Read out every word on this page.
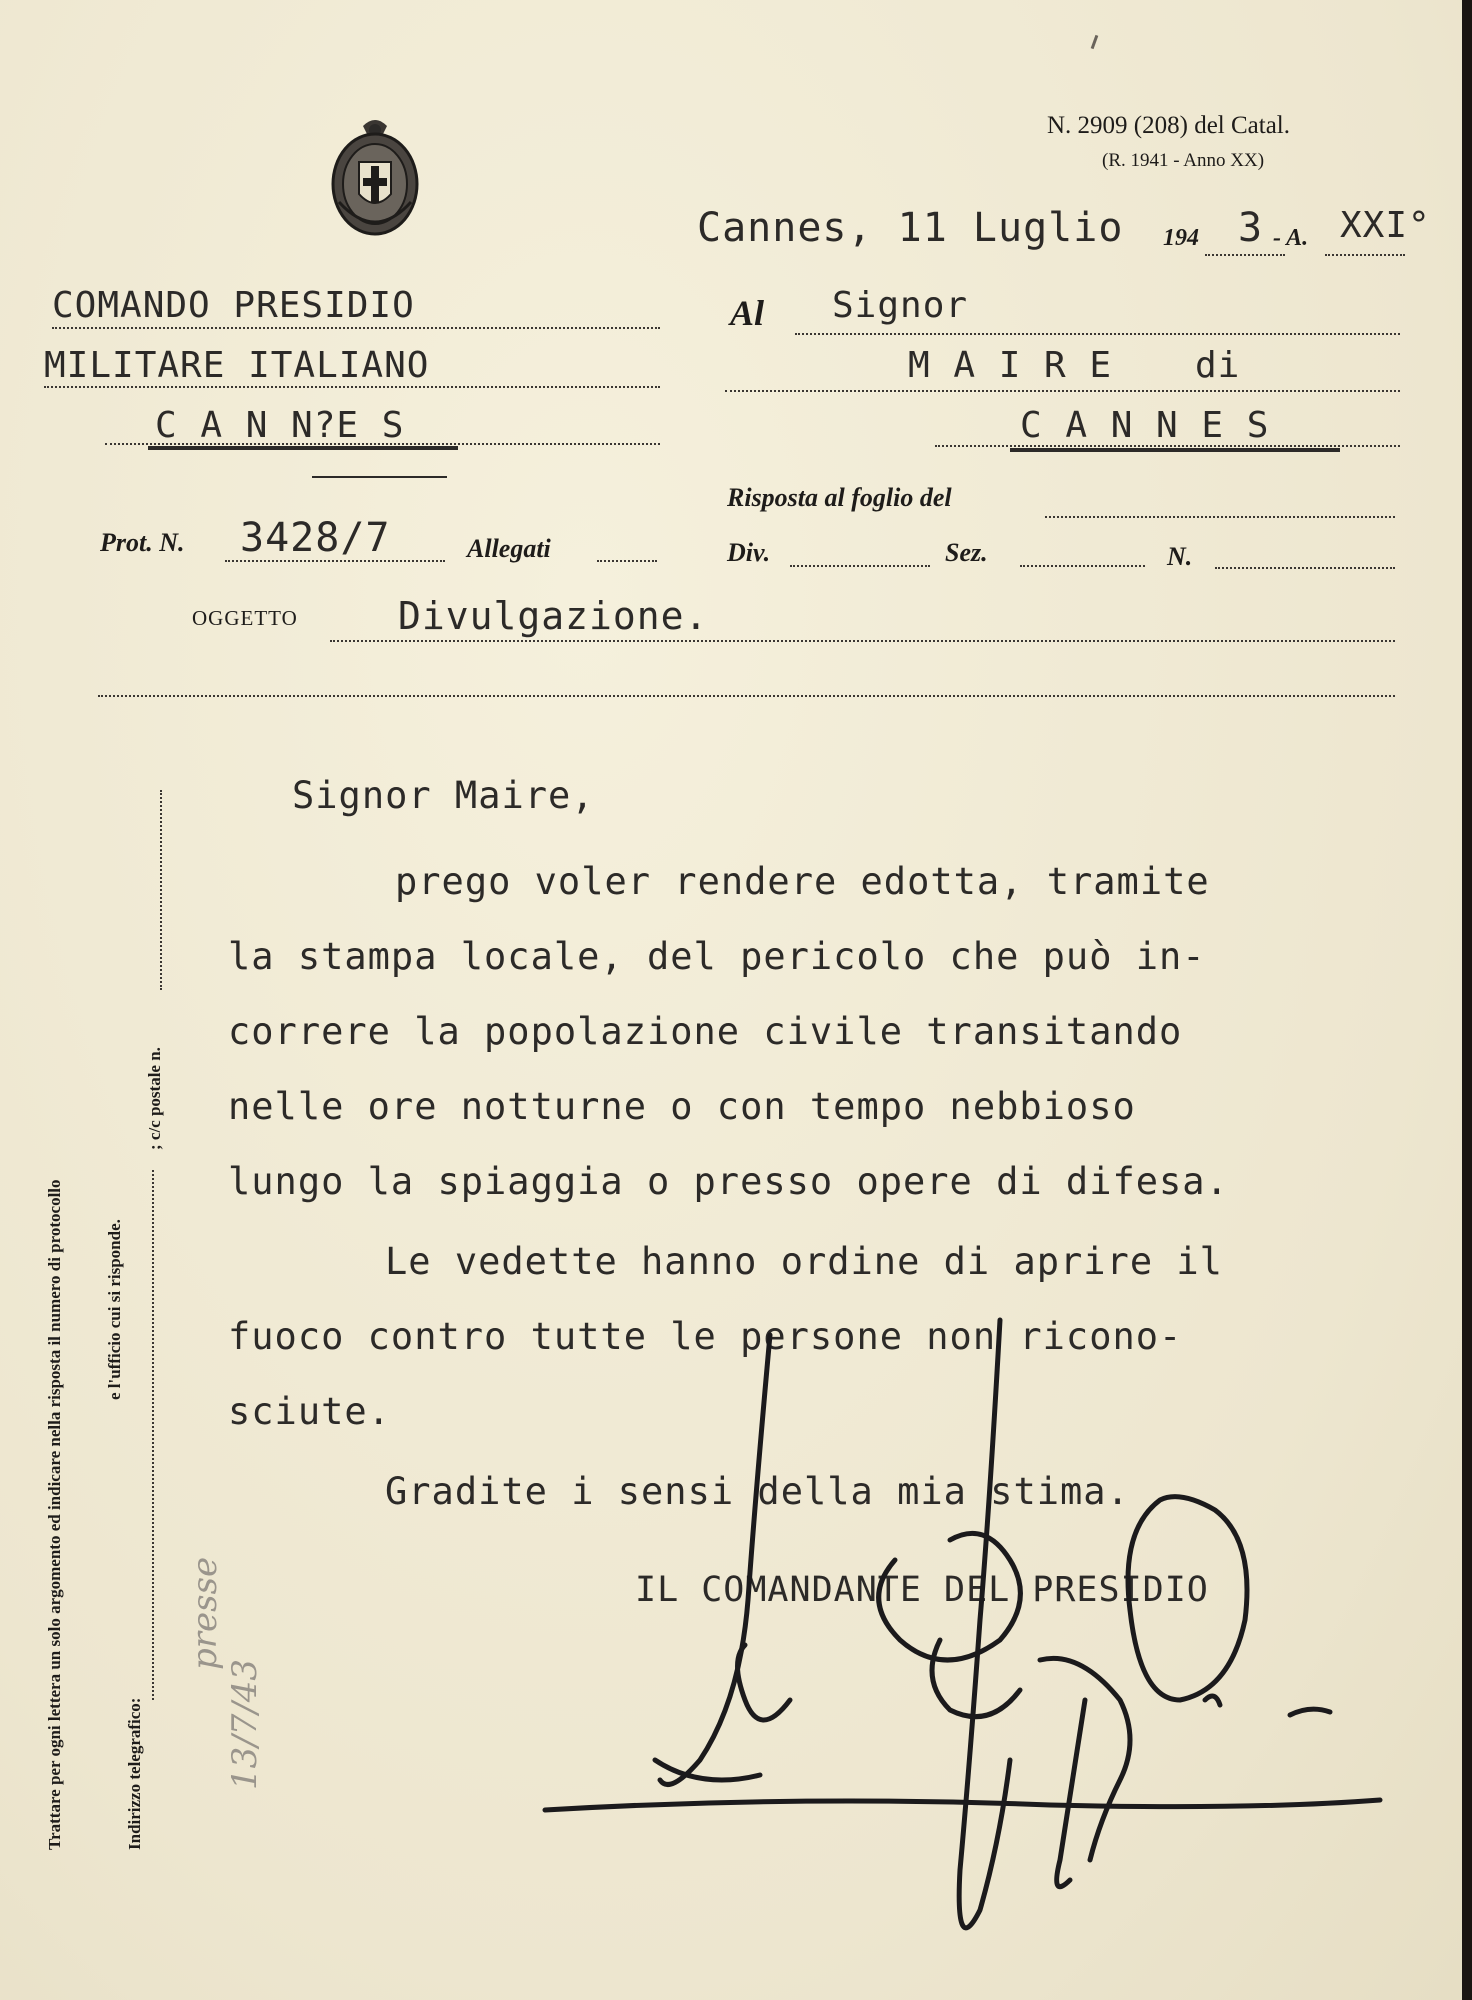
N. 2909 (208) del Catal.
(R. 1941 - Anno XX)
Cannes, 11 Luglio 194 3 - A. XXI°
COMANDO PRESIDIO
MILITARE ITALIANO
C A N N?E S
Al Signor
M A I R E di
C A N N E S
Risposta al foglio del
Prot. N. 3428/7	Allegati	Div.	Sez.	N.
OGGETTO	Divulgazione.
Signor Maire,
prego voler rendere edotta, tramite
la stampa locale, del pericolo che può in-
correre la popolazione civile transitando
nelle ore notturne o con tempo nebbioso
lungo la spiaggia o presso opere di difesa.
Le vedette hanno ordine di aprire il
fuoco contro tutte le persone non ricono-
sciute.
Gradite i sensi della mia stima.
IL COMANDANTE DEL PRESIDIO
Trattare per ogni lettera un solo argomento ed indicare nella risposta il numero di protocollo e l'ufficio cui si risponde.
Indirizzo telegrafico:
; c/c postale n.
presse
13/7/43
